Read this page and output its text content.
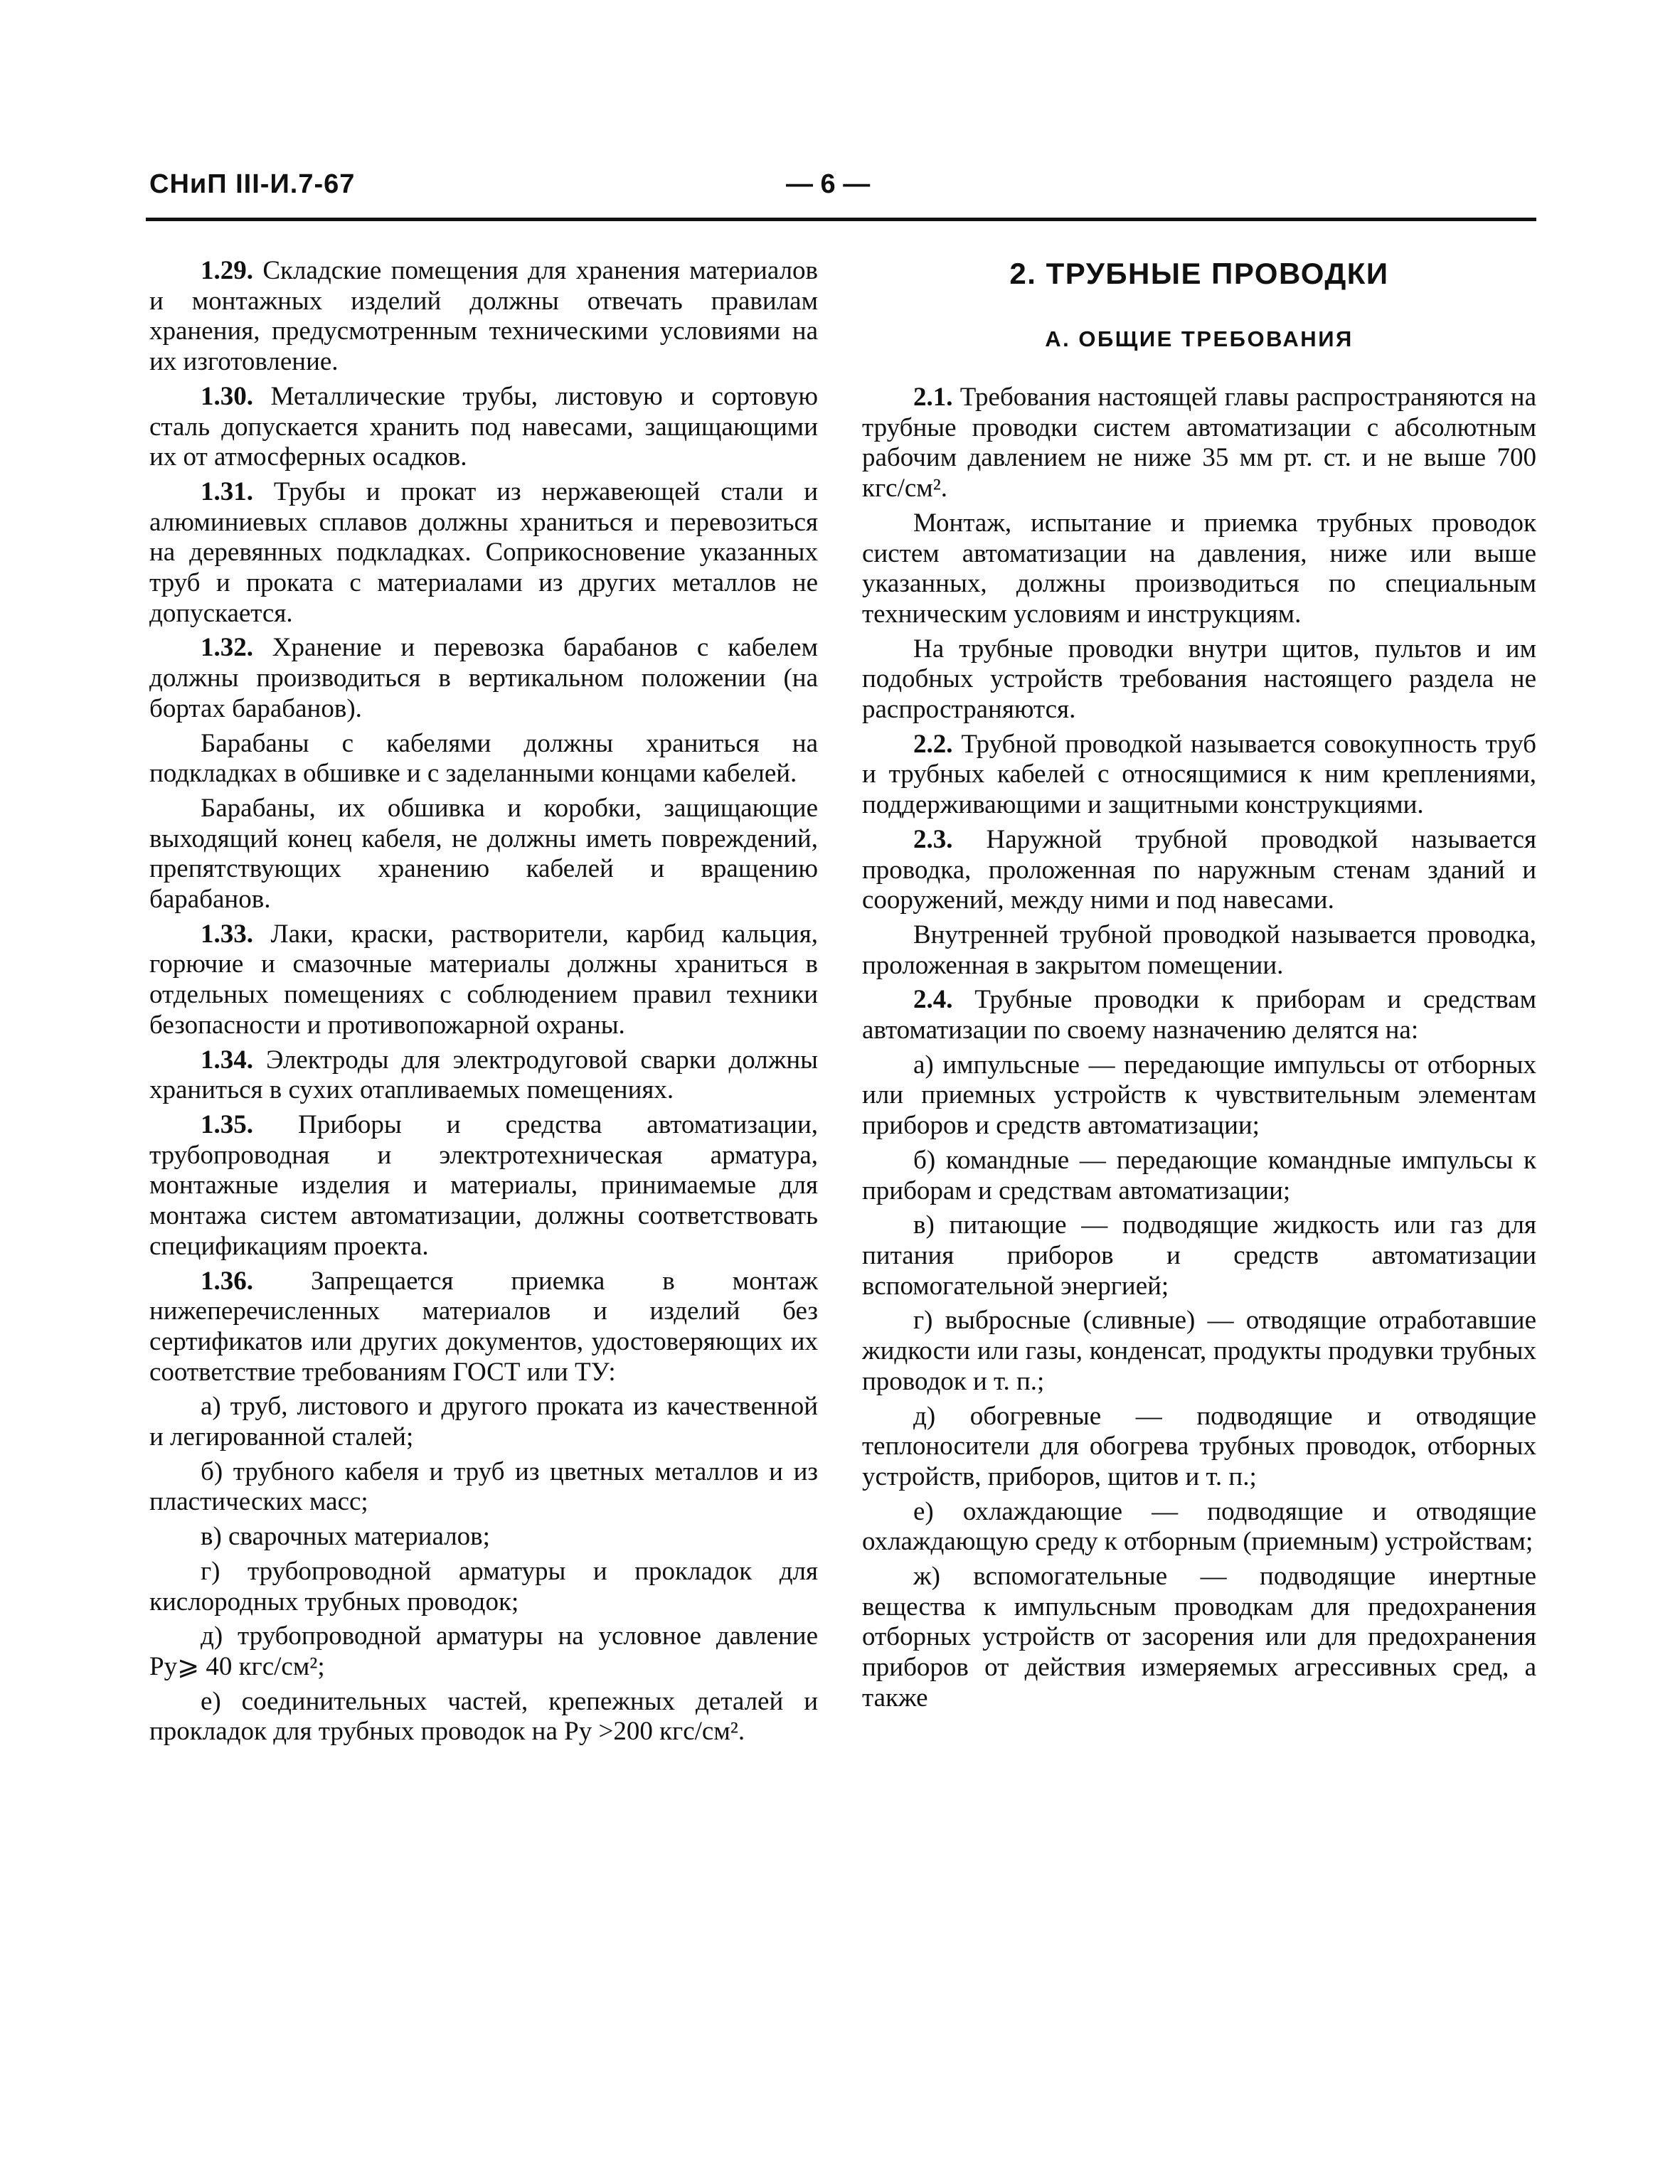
СНиП III-И.7-67	— 6 —

1.29. Складские помещения для хранения материалов и монтажных изделий должны отвечать правилам хранения, предусмотренным техническими условиями на их изготовление.

1.30. Металлические трубы, листовую и сортовую сталь допускается хранить под навесами, защищающими их от атмосферных осадков.

1.31. Трубы и прокат из нержавеющей стали и алюминиевых сплавов должны храниться и перевозиться на деревянных подкладках. Соприкосновение указанных труб и проката с материалами из других металлов не допускается.

1.32. Хранение и перевозка барабанов с кабелем должны производиться в вертикальном положении (на бортах барабанов).

Барабаны с кабелями должны храниться на подкладках в обшивке и с заделанными концами кабелей.

Барабаны, их обшивка и коробки, защищающие выходящий конец кабеля, не должны иметь повреждений, препятствующих хранению кабелей и вращению барабанов.

1.33. Лаки, краски, растворители, карбид кальция, горючие и смазочные материалы должны храниться в отдельных помещениях с соблюдением правил техники безопасности и противопожарной охраны.

1.34. Электроды для электродуговой сварки должны храниться в сухих отапливаемых помещениях.

1.35. Приборы и средства автоматизации, трубопроводная и электротехническая арматура, монтажные изделия и материалы, принимаемые для монтажа систем автоматизации, должны соответствовать спецификациям проекта.

1.36. Запрещается приемка в монтаж нижеперечисленных материалов и изделий без сертификатов или других документов, удостоверяющих их соответствие требованиям ГОСТ или ТУ:

а) труб, листового и другого проката из качественной и легированной сталей;

б) трубного кабеля и труб из цветных металлов и из пластических масс;

в) сварочных материалов;

г) трубопроводной арматуры и прокладок для кислородных трубных проводок;

д) трубопроводной арматуры на условное давление Pу⩾ 40 кгс/см²;

е) соединительных частей, крепежных деталей и прокладок для трубных проводок на Pу >200 кгс/см².

2. ТРУБНЫЕ ПРОВОДКИ
А. ОБЩИЕ ТРЕБОВАНИЯ

2.1. Требования настоящей главы распространяются на трубные проводки систем автоматизации с абсолютным рабочим давлением не ниже 35 мм рт. ст. и не выше 700 кгс/см².

Монтаж, испытание и приемка трубных проводок систем автоматизации на давления, ниже или выше указанных, должны производиться по специальным техническим условиям и инструкциям.

На трубные проводки внутри щитов, пультов и им подобных устройств требования настоящего раздела не распространяются.

2.2. Трубной проводкой называется совокупность труб и трубных кабелей с относящимися к ним креплениями, поддерживающими и защитными конструкциями.

2.3. Наружной трубной проводкой называется проводка, проложенная по наружным стенам зданий и сооружений, между ними и под навесами.

Внутренней трубной проводкой называется проводка, проложенная в закрытом помещении.

2.4. Трубные проводки к приборам и средствам автоматизации по своему назначению делятся на:

а) импульсные — передающие импульсы от отборных или приемных устройств к чувствительным элементам приборов и средств автоматизации;

б) командные — передающие командные импульсы к приборам и средствам автоматизации;

в) питающие — подводящие жидкость или газ для питания приборов и средств автоматизации вспомогательной энергией;

г) выбросные (сливные) — отводящие отработавшие жидкости или газы, конденсат, продукты продувки трубных проводок и т. п.;

д) обогревные — подводящие и отводящие теплоносители для обогрева трубных проводок, отборных устройств, приборов, щитов и т. п.;

е) охлаждающие — подводящие и отводящие охлаждающую среду к отборным (приемным) устройствам;

ж) вспомогательные — подводящие инертные вещества к импульсным проводкам для предохранения отборных устройств от засорения или для предохранения приборов от действия измеряемых агрессивных сред, а также
